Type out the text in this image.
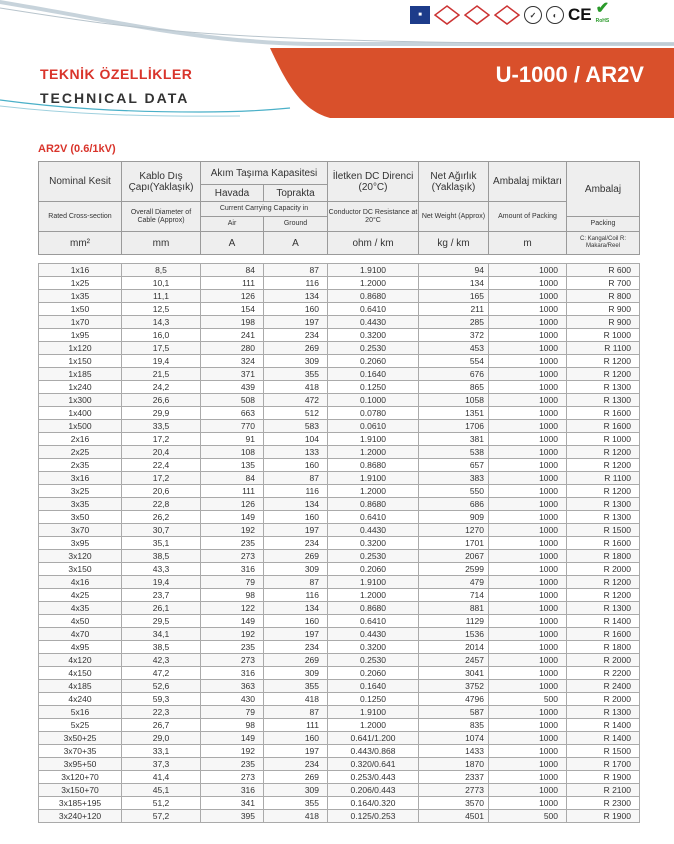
TEKNİK ÖZELLİKLER
TECHNICAL DATA
U-1000 / AR2V
■	✓	◐ CE ✔
RoHS
AR2V (0.6/1kV)
Nominal Kesit	Kablo Dış Çapı(Yaklaşık)	Akım Taşıma Kapasitesi		İletken DC Direnci (20°C)	Net Ağırlık (Yaklaşık)	Ambalaj miktarı	Ambalaj
		Havada	Toprakta				
Rated Cross-section	Overall Diameter of Cable (Approx)	Current Carrying Capacity in		Conductor DC Resistance at 20°C	Net Weight (Approx)	Amount of Packing	
		Air	Ground				Packing
mm²	mm	A	A	ohm / km	kg / km	m	C: Kangal/Coil R: Makara/Reel

1x16	8,5	84	87	1.9100	94	1000	R 600
1x25	10,1	111	116	1.2000	134	1000	R 700
1x35	11,1	126	134	0.8680	165	1000	R 800
1x50	12,5	154	160	0.6410	211	1000	R 900
1x70	14,3	198	197	0.4430	285	1000	R 900
1x95	16,0	241	234	0.3200	372	1000	R 1000
1x120	17,5	280	269	0.2530	453	1000	R 1100
1x150	19,4	324	309	0.2060	554	1000	R 1200
1x185	21,5	371	355	0.1640	676	1000	R 1200
1x240	24,2	439	418	0.1250	865	1000	R 1300
1x300	26,6	508	472	0.1000	1058	1000	R 1300
1x400	29,9	663	512	0.0780	1351	1000	R 1600
1x500	33,5	770	583	0.0610	1706	1000	R 1600
2x16	17,2	91	104	1.9100	381	1000	R 1000
2x25	20,4	108	133	1.2000	538	1000	R 1200
2x35	22,4	135	160	0.8680	657	1000	R 1200
3x16	17,2	84	87	1.9100	383	1000	R 1100
3x25	20,6	111	116	1.2000	550	1000	R 1200
3x35	22,8	126	134	0.8680	686	1000	R 1300
3x50	26,2	149	160	0.6410	909	1000	R 1300
3x70	30,7	192	197	0.4430	1270	1000	R 1500
3x95	35,1	235	234	0.3200	1701	1000	R 1600
3x120	38,5	273	269	0.2530	2067	1000	R 1800
3x150	43,3	316	309	0.2060	2599	1000	R 2000
4x16	19,4	79	87	1.9100	479	1000	R 1200
4x25	23,7	98	116	1.2000	714	1000	R 1200
4x35	26,1	122	134	0.8680	881	1000	R 1300
4x50	29,5	149	160	0.6410	1129	1000	R 1400
4x70	34,1	192	197	0.4430	1536	1000	R 1600
4x95	38,5	235	234	0.3200	2014	1000	R 1800
4x120	42,3	273	269	0.2530	2457	1000	R 2000
4x150	47,2	316	309	0.2060	3041	1000	R 2200
4x185	52,6	363	355	0.1640	3752	1000	R 2400
4x240	59,3	430	418	0.1250	4796	500	R 2000
5x16	22,3	79	87	1.9100	587	1000	R 1300
5x25	26,7	98	111	1.2000	835	1000	R 1400
3x50+25	29,0	149	160	0.641/1.200	1074	1000	R 1400
3x70+35	33,1	192	197	0.443/0.868	1433	1000	R 1500
3x95+50	37,3	235	234	0.320/0.641	1870	1000	R 1700
3x120+70	41,4	273	269	0.253/0.443	2337	1000	R 1900
3x150+70	45,1	316	309	0.206/0.443	2773	1000	R 2100
3x185+195	51,2	341	355	0.164/0.320	3570	1000	R 2300
3x240+120	57,2	395	418	0.125/0.253	4501	500	R 1900
